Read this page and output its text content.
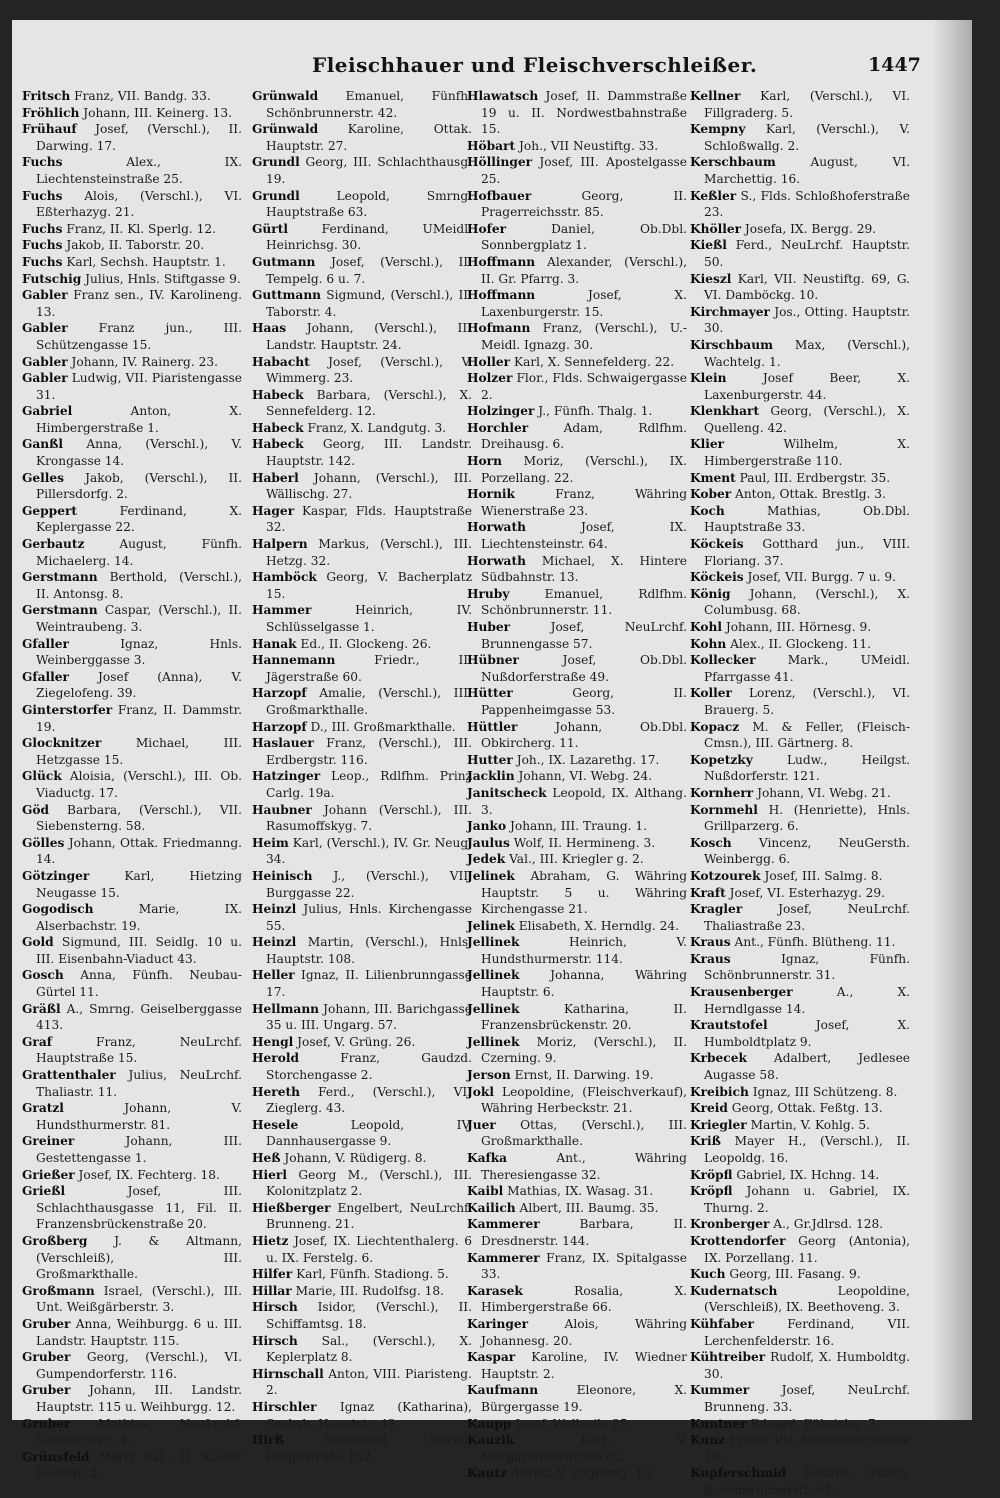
Fleischhauer und Fleischverschleißer.	1447

Fritsch Franz, VII. Bandg. 33.

Fröhlich Johann, III. Keinerg. 13.

Frühauf Josef, (Verschl.), II. Darwing. 17.

Fuchs	Alex., IX. Liechtensteinstraße 25.

Fuchs Alois, (Verschl.), VI. Eßterhazyg. 21.

Fuchs Franz, II. Kl. Sperlg. 12.

Fuchs Jakob, II. Taborstr. 20.

Fuchs Karl, Sechsh. Hauptstr. 1.

Futschig Julius, Hnls. Stiftgasse 9.

Gabler Franz sen., IV. Karolineng. 13.

Gabler	Franz jun., III. Schützengasse 15.

Gabler Johann, IV. Rainerg. 23.

Gabler Ludwig, VII. Piaristengasse 31.

Gabriel	Anton, X. Himbergerstraße 1.

Ganßl Anna, (Verschl.), V. Krongasse 14.

Gelles Jakob, (Verschl.), II. Pillersdorfg. 2.

Geppert	Ferdinand, X. Keplergasse 22.

Gerbautz	August, Fünfh. Michaelerg. 14.

Gerstmann Berthold, (Verschl.), II. Antonsg. 8.

Gerstmann Caspar, (Verschl.), II. Weintraubeng. 3.

Gfaller	Ignaz, Hnls. Weinberggasse 3.

Gfaller Josef (Anna), V. Ziegelofeng. 39.

Ginterstorfer Franz, II. Dammstr. 19.

Glocknitzer	Michael, III. Hetzgasse 15.

Glück Aloisia, (Verschl.), III. Ob. Viaductg. 17.

Göd Barbara, (Verschl.), VII. Siebensterng. 58.

Gölles Johann, Ottak. Friedmanng. 14.

Götzinger	Karl, Hietzing Neugasse 15.

Gogodisch	Marie, IX. Alserbachstr. 19.

Gold Sigmund, III. Seidlg. 10 u. III. Eisenbahn-Viaduct 43.

Gosch Anna, Fünfh. Neubau-Gürtel 11.

Gräßl A., Smrng. Geiselberggasse 413.

Graf	Franz, NeuLrchf. Hauptstraße 15.

Grattenthaler Julius, NeuLrchf. Thaliastr. 11.

Gratzl	Johann, V. Hundsthurmerstr. 81.

Greiner	Johann, III. Gestettengasse 1.

Grießer Josef, IX. Fechterg. 18.

Grießl	Josef, III. Schlachthausgasse 11, Fil. II. Franzensbrückenstraße 20.

Großberg J. & Altmann, (Verschleiß), III. Großmarkthalle.

Großmann Israel, (Verschl.), III. Unt. Weißgärberstr. 3.

Gruber Anna, Weihburgg. 6 u. III. Landstr. Hauptstr. 115.

Gruber Georg, (Verschl.), VI. Gumpendorferstr. 116.

Gruber Johann, III. Landstr. Hauptstr. 115 u. Weihburgg. 12.

Gruber Mathias, NeuLrchf. Gaullacherg. 4.

Grünsfeld Moriz Sal., II. Kaiser Josefstr. 2.

Grünwald Emanuel, Fünfh. Schönbrunnerstr. 42.

Grünwald Karoline, Ottak. Hauptstr. 27.

Grundl Georg, III. Schlachthausg. 19.

Grundl	Leopold, Smrng. Hauptstraße 63.

Gürtl	Ferdinand, UMeidl. Heinrichsg. 30.

Gutmann Josef, (Verschl.), II. Tempelg. 6 u. 7.

Guttmann Sigmund, (Verschl.), II. Taborstr. 4.

Haas Johann, (Verschl.), III Landstr. Hauptstr. 24.

Habacht Josef, (Verschl.), V. Wimmerg. 23.

Habeck Barbara, (Verschl.), X. Sennefelderg. 12.

Habeck Franz, X. Landgutg. 3.

Habeck Georg, III. Landstr. Hauptstr. 142.

Haberl Johann, (Verschl.), III. Wällischg. 27.

Hager Kaspar, Flds. Hauptstraße 32.

Halpern Markus, (Verschl.), III. Hetzg. 32.

Hamböck Georg, V. Bacherplatz 15.

Hammer	Heinrich, IV. Schlüsselgasse 1.

Hanak Ed., II. Glockeng. 26.

Hannemann	Friedr., II. Jägerstraße 60.

Harzopf Amalie, (Verschl.), III. Großmarkthalle.

Harzopf D., III. Großmarkthalle.

Haslauer Franz, (Verschl.), III. Erdbergstr. 116.

Hatzinger Leop., Rdlfhm. Prinz Carlg. 19a.

Haubner Johann (Verschl.), III. Rasumoffskyg. 7.

Heim Karl, (Verschl.), IV. Gr. Neug. 34.

Heinisch J., (Verschl.), VII. Burggasse 22.

Heinzl Julius, Hnls. Kirchengasse 55.

Heinzl Martin, (Verschl.), Hnls. Hauptstr. 108.

Heller Ignaz, II. Lilienbrunngasse 17.

Hellmann Johann, III. Barichgasse 35 u. III. Ungarg. 57.

Hengl Josef, V. Grüng. 26.

Herold	Franz, Gaudzd. Storchengasse 2.

Hereth Ferd., (Verschl.), VII Zieglerg. 43.

Hesele	Leopold, IV. Dannhausergasse 9.

Heß Johann, V. Rüdigerg. 8.

Hierl Georg M., (Verschl.), III. Kolonitzplatz 2.

Hießberger Engelbert, NeuLrchf. Brunneng. 21.

Hietz Josef, IX. Liechtenthalerg. 6 u. IX. Ferstelg. 6.

Hilfer Karl, Fünfh. Stadiong. 5.

Hillar Marie, III. Rudolfsg. 18.

Hirsch Isidor, (Verschl.), II. Schiffamtsg. 18.

Hirsch Sal., (Verschl.), X. Keplerplatz 8.

Hirnschall Anton, VIII. Piaristeng. 2.

Hirschler Ignaz (Katharina), Sechsh. Hauptstr. 43.

Hirß	Ferdinand, Dornb. Hauptstraße 152.

Hlawatsch Josef, II. Dammstraße 19 u. II. Nordwestbahnstraße 15.

Höbart Joh., VII Neustiftg. 33.

Höllinger Josef, III. Apostelgasse 25.

Hofbauer	Georg, II. Pragerreichsstr. 85.

Hofer	Daniel, Ob.Dbl. Sonnbergplatz 1.

Hoffmann Alexander, (Verschl.), II. Gr. Pfarrg. 3.

Hoffmann	Josef, X. Laxenburgerstr. 15.

Hofmann Franz, (Verschl.), U.-Meidl. Ignazg. 30.

Holler Karl, X. Sennefelderg. 22.

Holzer Flor., Flds. Schwaigergasse 2.

Holzinger J., Fünfh. Thalg. 1.

Horchler	Adam, Rdlfhm. Dreihausg. 6.

Horn Moriz, (Verschl.), IX. Porzellang. 22.

Hornik	Franz, Währing Wienerstraße 23.

Horwath	Josef, IX. Liechtensteinstr. 64.

Horwath Michael, X. Hintere Südbahnstr. 13.

Hruby	Emanuel, Rdlfhm. Schönbrunnerstr. 11.

Huber	Josef, NeuLrchf. Brunnengasse 57.

Hübner	Josef, Ob.Dbl. Nußdorferstraße 49.

Hütter	Georg, II. Pappenheimgasse 53.

Hüttler	Johann, Ob.Dbl. Obkircherg. 11.

Hutter Joh., IX. Lazarethg. 17.

Jacklin Johann, VI. Webg. 24.

Janitscheck Leopold, IX. Althang. 3.

Janko Johann, III. Traung. 1.

Jaulus Wolf, II. Hermineng. 3.

Jedek Val., III. Kriegler g. 2.

Jelinek Abraham, G. Währing Hauptstr. 5 u. Währing Kirchengasse 21.

Jelinek Elisabeth, X. Herndlg. 24.

Jellinek	Heinrich, V. Hundsthurmerstr. 114.

Jellinek	Johanna, Währing Hauptstr. 6.

Jellinek	Katharina, II. Franzensbrückenstr. 20.

Jellinek Moriz, (Verschl.), II. Czerning. 9.

Jerson Ernst, II. Darwing. 19.

Jokl Leopoldine, (Fleischverkauf), Währing Herbeckstr. 21.

Juer Ottas, (Verschl.), III. Großmarkthalle.

Kafka	Ant., Währing Theresiengasse 32.

Kaibl Mathias, IX. Wasag. 31.

Kailich Albert, III. Baumg. 35.

Kammerer	Barbara, II. Dresdnerstr. 144.

Kammerer Franz, IX. Spitalgasse 33.

Karasek	Rosalia, X. Himbergerstraße 66.

Karinger	Alois, Währing Johannesg. 20.

Kaspar Karoline, IV. Wiedner Hauptstr. 2.

Kaufmann	Eleonore, X. Bürgergasse 19.

Kaupp Josef, Wollzeile 25.

Kauzik	Karl, V. Margarethenstraße 62.

Kautz Alfred, V. Pilgramg. 10.

Kellner Karl, (Verschl.), VI. Fillgraderg. 5.

Kempny Karl, (Verschl.), V. Schloßwallg. 2.

Kerschbaum	August, VI. Marchettig. 16.

Keßler S., Flds. Schloßhoferstraße 23.

Khöller Josefa, IX. Bergg. 29.

Kießl Ferd., NeuLrchf. Hauptstr. 50.

Kieszl Karl, VII. Neustiftg. 69, G. VI. Damböckg. 10.

Kirchmayer Jos., Otting. Hauptstr. 30.

Kirschbaum Max, (Verschl.), Wachtelg. 1.

Klein	Josef Beer, X. Laxenburgerstr. 44.

Klenkhart Georg, (Verschl.), X. Quelleng. 42.

Klier	Wilhelm, X. Himbergerstraße 110.

Kment Paul, III. Erdbergstr. 35.

Kober Anton, Ottak. Brestlg. 3.

Koch	Mathias, Ob.Dbl. Hauptstraße 33.

Köckeis Gotthard jun., VIII. Floriang. 37.

Köckeis Josef, VII. Burgg. 7 u. 9.

König Johann, (Verschl.), X. Columbusg. 68.

Kohl Johann, III. Hörnesg. 9.

Kohn Alex., II. Glockeng. 11.

Kollecker	Mark., UMeidl. Pfarrgasse 41.

Koller Lorenz, (Verschl.), VI. Brauerg. 5.

Kopacz M. & Feller, (Fleisch-Cmsn.), III. Gärtnerg. 8.

Kopetzky	Ludw., Heilgst. Nußdorferstr. 121.

Kornherr Johann, VI. Webg. 21.

Kornmehl H. (Henriette), Hnls. Grillparzerg. 6.

Kosch Vincenz, NeuGersth. Weinbergg. 6.

Kotzourek Josef, III. Salmg. 8.

Kraft Josef, VI. Esterhazyg. 29.

Kragler	Josef, NeuLrchf. Thaliastraße 23.

Kraus Ant., Fünfh. Blütheng. 11.

Kraus	Ignaz, Fünfh. Schönbrunnerstr. 31.

Krausenberger	A., X. Herndlgasse 14.

Krautstofel	Josef, X. Humboldtplatz 9.

Krbecek Adalbert, Jedlesee Augasse 58.

Kreibich Ignaz, III Schützeng. 8.

Kreid Georg, Ottak. Feßtg. 13.

Kriegler Martin, V. Kohlg. 5.

Kriß Mayer H., (Verschl.), II. Leopoldg. 16.

Kröpfl Gabriel, IX. Hchng. 14.

Kröpfl Johann u. Gabriel, IX. Thurng. 2.

Kronberger A., Gr.Jdlrsd. 128.

Krottendorfer Georg (Antonia), IX. Porzellang. 11.

Kuch Georg, III. Fasang. 9.

Kudernatsch	Leopoldine, (Verschleiß), IX. Beethoveng. 3.

Kühfaber	Ferdinand, VII. Lerchenfelderstr. 16.

Kühtreiber Rudolf, X. Humboldtg. 30.

Kummer	Josef, NeuLrchf. Brunneng. 33.

Kuntner Eduard, Führichg. 7.

Kunz Franz, VII. Siebensterngasse 19.

Kupferschmid Eduard, Fünfh. Schönbrunnerstr. 61.
